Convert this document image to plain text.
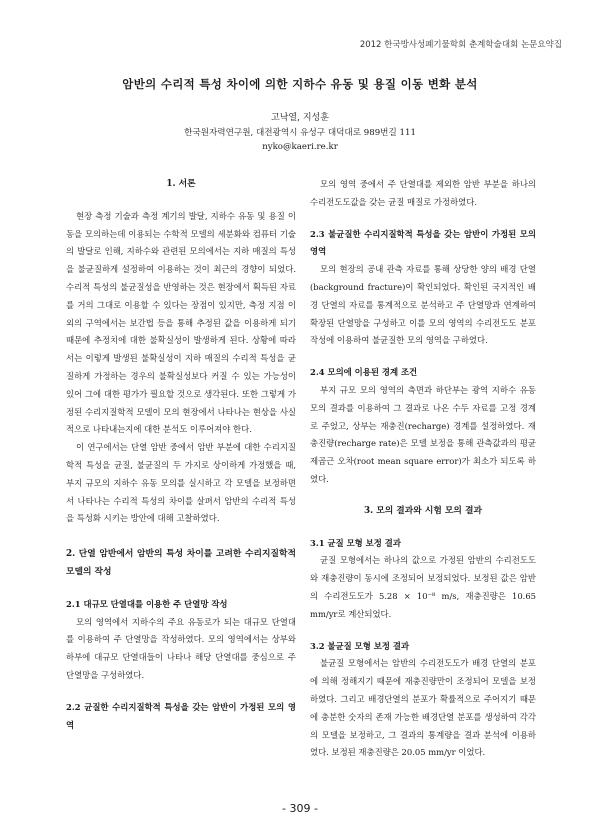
2012 한국방사성폐기물학회 춘계학술대회 논문요약집
암반의 수리적 특성 차이에 의한 지하수 유동 및 용질 이동 변화 분석
고낙열, 지성훈
한국원자력연구원, 대전광역시 유성구 대덕대로 989번길 111
nyko@kaeri.re.kr
1. 서론

현장 측정 기술과 측정 계기의 발달, 지하수 유동 및 용질 이동을 모의하는데 이용되는 수학적 모델의 세분화와 컴퓨터 기술의 발달로 인해, 지하수와 관련된 모의에서는 지하 매질의 특성을 불균질하게 설정하여 이용하는 것이 최근의 경향이 되었다. 수리적 특성의 불균질성을 반영하는 것은 현장에서 획득된 자료를 거의 그대로 이용할 수 있다는 장점이 있지만, 측정 지점 이외의 구역에서는 보간법 등을 통해 추정된 값을 이용하게 되기 때문에 추정치에 대한 불확실성이 발생하게 된다. 상황에 따라서는 이렇게 발생된 불확실성이 지하 매질의 수리적 특성을 균질하게 가정하는 경우의 불확실성보다 커질 수 있는 가능성이 있어 그에 대한 평가가 필요할 것으로 생각된다. 또한 그렇게 가정된 수리지질학적 모델이 모의 현장에서 나타나는 현상을 사실적으로 나타내는지에 대한 분석도 이루어져야 한다.

이 연구에서는 단열 암반 중에서 암반 부분에 대한 수리지질학적 특성을 균질, 불균질의 두 가지로 상이하게 가정했을 때, 부지 규모의 지하수 유동 모의를 실시하고 각 모델을 보정하면서 나타나는 수리적 특성의 차이를 살펴서 암반의 수리적 특성을 특성화 시키는 방안에 대해 고찰하였다.

2. 단열 암반에서 암반의 특성 차이를 고려한 수리지질학적 모델의 작성
2.1 대규모 단열대를 이용한 주 단열망 작성

모의 영역에서 지하수의 주요 유동로가 되는 대규모 단열대를 이용하여 주 단열망을 작성하였다. 모의 영역에서는 상부와 하부에 대규모 단열대들이 나타나 해당 단열대를 중심으로 주 단열망을 구성하였다.

2.2 균질한 수리지질학적 특성을 갖는 암반이 가정된 모의 영역

모의 영역 중에서 주 단열대를 제외한 암반 부분을 하나의 수리전도도값을 갖는 균질 매질로 가정하였다.

2.3 불균질한 수리지질학적 특성을 갖는 암반이 가정된 모의 영역

모의 현장의 공내 관측 자료를 통해 상당한 양의 배경 단열(background fracture)이 확인되었다. 확인된 국지적인 배경 단열의 자료를 통계적으로 분석하고 주 단열망과 연계하여 확장된 단열망을 구성하고 이를 모의 영역의 수리전도도 분포 작성에 이용하여 불균질한 모의 영역을 구하였다.

2.4 모의에 이용된 경계 조건

부지 규모 모의 영역의 측면과 하단부는 광역 지하수 유동 모의 결과를 이용하여 그 결과로 나온 수두 자료를 고정 경계로 주었고, 상부는 재충진(recharge) 경계를 설정하였다. 재충진량(recharge rate)은 모델 보정을 통해 관측값과의 평균 제곱근 오차(root mean square error)가 최소가 되도록 하였다.

3. 모의 결과와 시험 모의 결과
3.1 균질 모형 보정 결과

균질 모형에서는 하나의 값으로 가정된 암반의 수리전도도와 재충진량이 동시에 조정되어 보정되었다. 보정된 값은 암반의 수리전도도가 5.28 × 10⁻⁸ m/s, 재충진량은 10.65 mm/yr로 계산되었다.

3.2 불균질 모형 보정 결과

불균질 모형에서는 암반의 수리전도도가 배경 단열의 분포에 의해 정해지기 때문에 재충진량만이 조정되어 모델을 보정하였다. 그리고 배경단열의 분포가 확률적으로 주어지기 때문에 충분한 숫자의 존재 가능한 배경단열 분포를 생성하여 각각의 모델을 보정하고, 그 결과의 통계량을 결과 분석에 이용하였다. 보정된 재충진량은 20.05 mm/yr 이었다.

- 309 -
